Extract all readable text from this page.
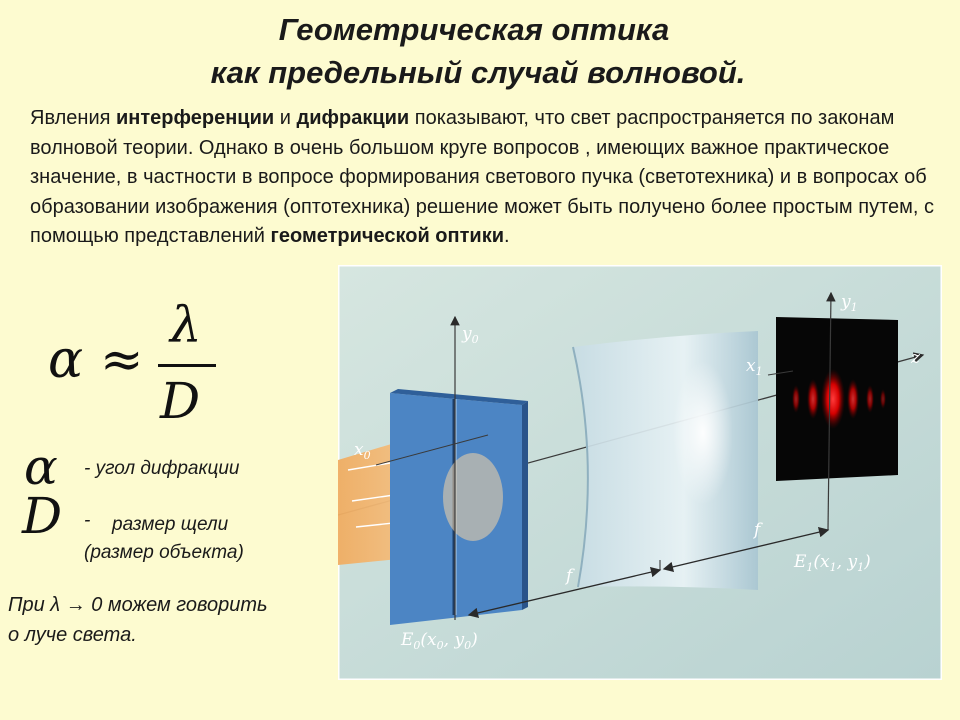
Геометрическая оптика
как предельный случай волновой.
Явления интерференции и дифракции показывают, что свет распространяется по законам волновой теории. Однако в очень большом круге вопросов , имеющих важное практическое значение, в частности в вопросе формирования светового пучка (светотехника) и в вопросах об образовании изображения (оптотехника) решение может быть получено более простым путем, с помощью представлений геометрической оптики.
α ≈
λ
D
α - угол дифракции
D - размер щели
(размер объекта)
При λ → 0 можем говорить
о луче света.
$y_0$
$x_0$
$y_1$
$x_1$
z
f
f
$E_1(x_1$, $y_1$)
$E_0(x_0$, $y_0$)
